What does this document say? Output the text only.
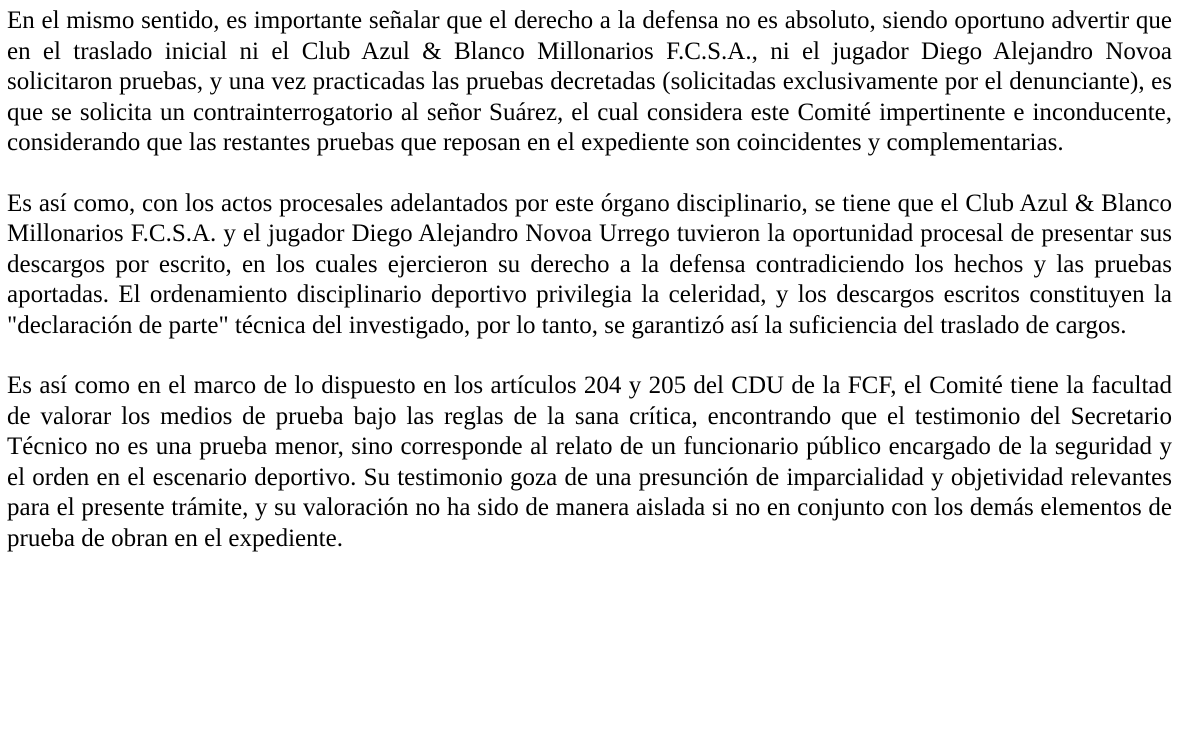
En el mismo sentido, es importante señalar que el derecho a la defensa no es absoluto, siendo oportuno advertir que en el traslado inicial ni el Club Azul & Blanco Millonarios F.C.S.A., ni el jugador Diego Alejandro Novoa solicitaron pruebas, y una vez practicadas las pruebas decretadas (solicitadas exclusivamente por el denunciante), es que se solicita un contrainterrogatorio al señor Suárez, el cual considera este Comité impertinente e inconducente, considerando que las restantes pruebas que reposan en el expediente son coincidentes y complementarias.

Es así como, con los actos procesales adelantados por este órgano disciplinario, se tiene que el Club Azul & Blanco Millonarios F.C.S.A. y el jugador Diego Alejandro Novoa Urrego tuvieron la oportunidad procesal de presentar sus descargos por escrito, en los cuales ejercieron su derecho a la defensa contradiciendo los hechos y las pruebas aportadas. El ordenamiento disciplinario deportivo privilegia la celeridad, y los descargos escritos constituyen la "declaración de parte" técnica del investigado, por lo tanto, se garantizó así la suficiencia del traslado de cargos.

Es así como en el marco de lo dispuesto en los artículos 204 y 205 del CDU de la FCF, el Comité tiene la facultad de valorar los medios de prueba bajo las reglas de la sana crítica, encontrando que el testimonio del Secretario Técnico no es una prueba menor, sino corresponde al relato de un funcionario público encargado de la seguridad y el orden en el escenario deportivo. Su testimonio goza de una presunción de imparcialidad y objetividad relevantes para el presente trámite, y su valoración no ha sido de manera aislada si no en conjunto con los demás elementos de prueba de obran en el expediente.
